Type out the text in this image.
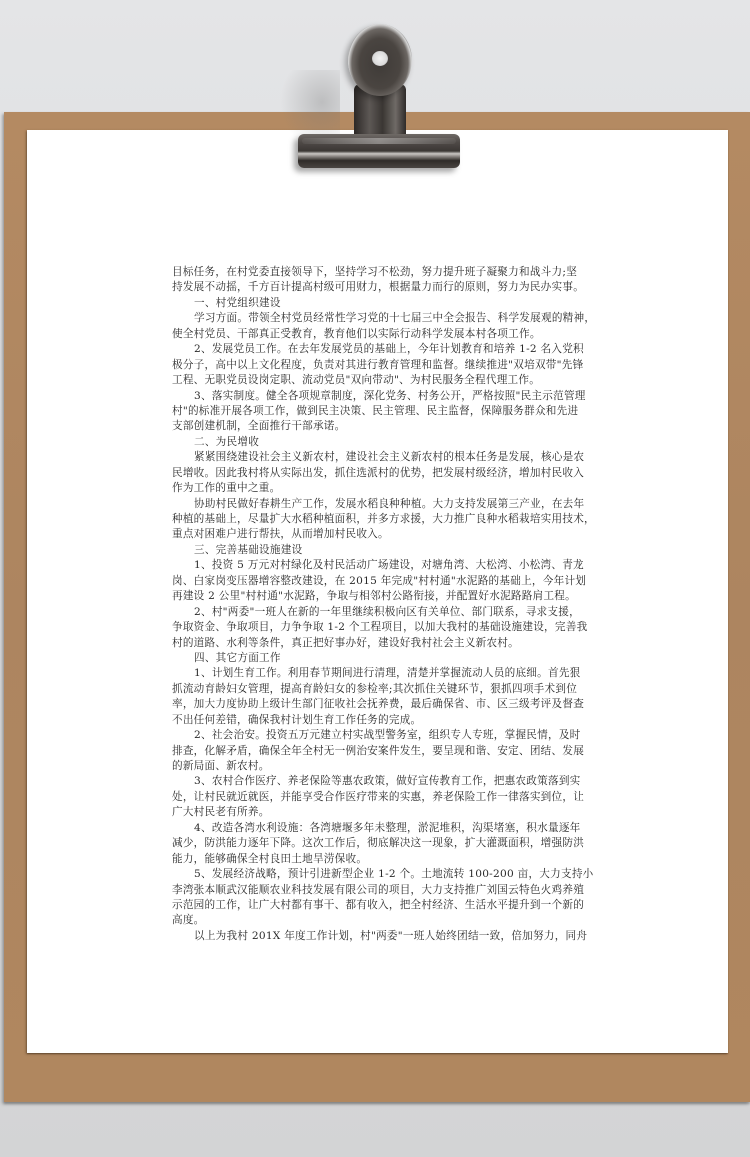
目标任务，在村党委直接领导下，坚持学习不松劲，努力提升班子凝聚力和战斗力;坚
持发展不动摇，千方百计提高村级可用财力，根据量力而行的原则，努力为民办实事。
一、村党组织建设
学习方面。带领全村党员经常性学习党的十七届三中全会报告、科学发展观的精神，
使全村党员、干部真正受教育，教育他们以实际行动科学发展本村各项工作。
2、发展党员工作。在去年发展党员的基础上，今年计划教育和培养 1-2 名入党积
极分子，高中以上文化程度，负责对其进行教育管理和监督。继续推进"双培双带"先锋
工程、无职党员设岗定职、流动党员"双向带动"、为村民服务全程代理工作。
3、落实制度。健全各项规章制度，深化党务、村务公开，严格按照"民主示范管理
村"的标准开展各项工作，做到民主决策、民主管理、民主监督，保障服务群众和先进
支部创建机制，全面推行干部承诺。
二、为民增收
紧紧围绕建设社会主义新农村，建设社会主义新农村的根本任务是发展，核心是农
民增收。因此我村将从实际出发，抓住选派村的优势，把发展村级经济，增加村民收入
作为工作的重中之重。
协助村民做好春耕生产工作，发展水稻良种种植。大力支持发展第三产业，在去年
种植的基础上，尽量扩大水稻种植面积，并多方求援，大力推广良种水稻栽培实用技术，
重点对困难户进行帮扶，从而增加村民收入。
三、完善基础设施建设
1、投资 5 万元对村绿化及村民活动广场建设，对塘角湾、大松湾、小松湾、青龙
岗、白家岗变压器增容整改建设，在 2015 年完成"村村通"水泥路的基础上，今年计划
再建设 2 公里"村村通"水泥路，争取与相邻村公路衔接，并配置好水泥路路肩工程。
2、村"两委"一班人在新的一年里继续积极向区有关单位、部门联系，寻求支援，
争取资金、争取项目，力争争取 1-2 个工程项目，以加大我村的基础设施建设，完善我
村的道路、水利等条件，真正把好事办好，建设好我村社会主义新农村。
四、其它方面工作
1、计划生育工作。利用春节期间进行清理，清楚并掌握流动人员的底细。首先狠
抓流动育龄妇女管理，提高育龄妇女的参检率;其次抓住关键环节，狠抓四项手术到位
率，加大力度协助上级计生部门征收社会抚养费，最后确保省、市、区三级考评及督查
不出任何差错，确保我村计划生育工作任务的完成。
2、社会治安。投资五万元建立村实战型警务室，组织专人专班，掌握民情，及时
排查，化解矛盾，确保全年全村无一例治安案件发生，要呈现和谐、安定、团结、发展
的新局面、新农村。
3、农村合作医疗、养老保险等惠农政策，做好宣传教育工作，把惠农政策落到实
处，让村民就近就医，并能享受合作医疗带来的实惠，养老保险工作一律落实到位，让
广大村民老有所养。
4、改造各湾水利设施：各湾塘堰多年未整理，淤泥堆积，沟渠堵塞，积水量逐年
减少，防洪能力逐年下降。这次工作后，彻底解决这一现象，扩大灌溉面积，增强防洪
能力，能够确保全村良田土地旱涝保收。
5、发展经济战略，预计引进新型企业 1-2 个。土地流转 100-200 亩，大力支持小
李湾张本顺武汉能顺农业科技发展有限公司的项目，大力支持推广刘国云特色火鸡养殖
示范园的工作，让广大村都有事干、都有收入，把全村经济、生活水平提升到一个新的
高度。
以上为我村 201X 年度工作计划，村"两委"一班人始终团结一致，倍加努力，同舟
